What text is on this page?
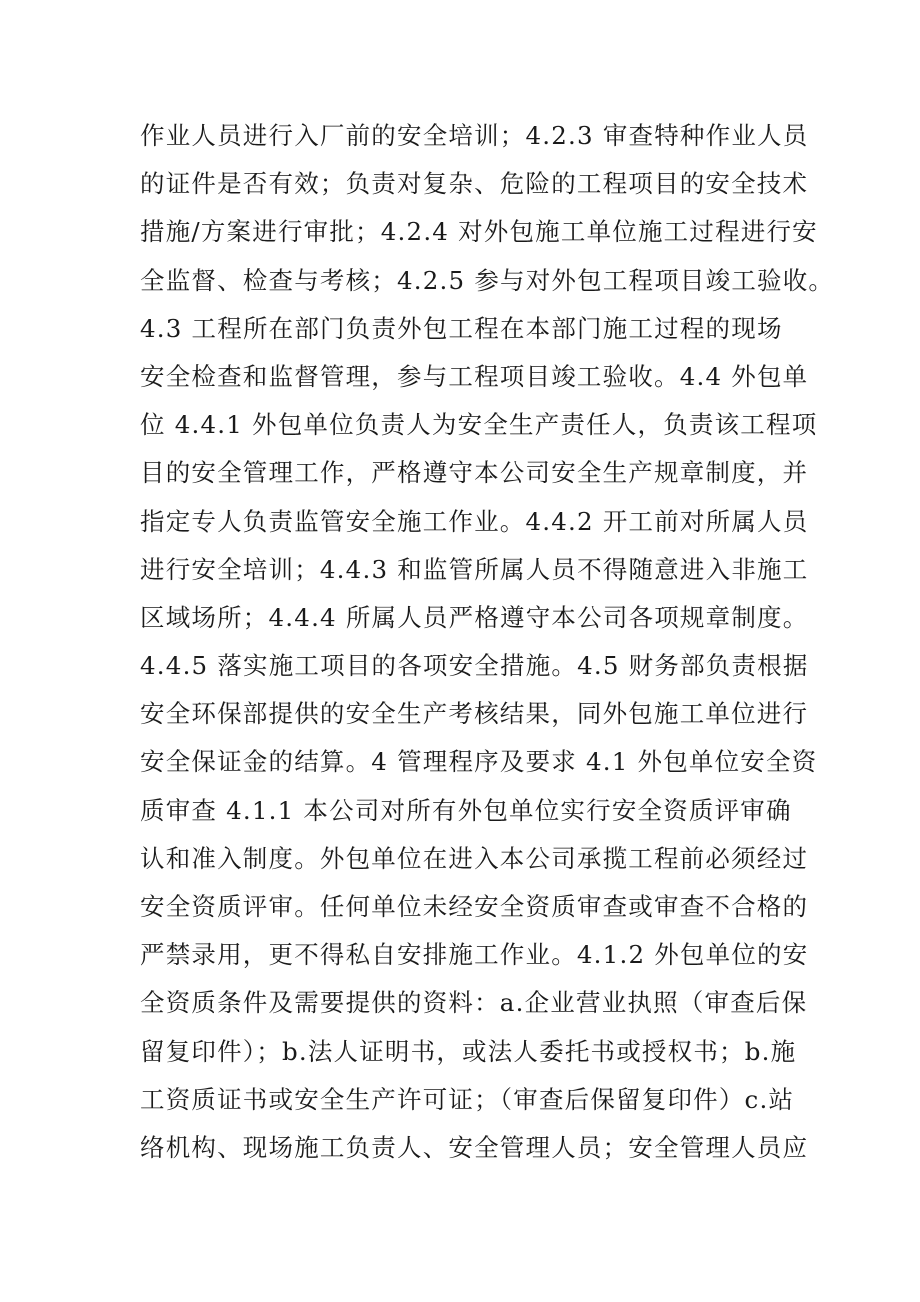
作业人员进行入厂前的安全培训；4.2.3 审查特种作业人员
的证件是否有效；负责对复杂、危险的工程项目的安全技术
措施/方案进行审批；4.2.4 对外包施工单位施工过程进行安
全监督、检查与考核；4.2.5 参与对外包工程项目竣工验收。
4.3 工程所在部门负责外包工程在本部门施工过程的现场
安全检查和监督管理，参与工程项目竣工验收。4.4 外包单
位 4.4.1 外包单位负责人为安全生产责任人，负责该工程项
目的安全管理工作，严格遵守本公司安全生产规章制度，并
指定专人负责监管安全施工作业。4.4.2 开工前对所属人员
进行安全培训；4.4.3 和监管所属人员不得随意进入非施工
区域场所；4.4.4 所属人员严格遵守本公司各项规章制度。
4.4.5 落实施工项目的各项安全措施。4.5 财务部负责根据
安全环保部提供的安全生产考核结果，同外包施工单位进行
安全保证金的结算。4 管理程序及要求 4.1 外包单位安全资
质审查 4.1.1 本公司对所有外包单位实行安全资质评审确
认和准入制度。外包单位在进入本公司承揽工程前必须经过
安全资质评审。任何单位未经安全资质审查或审查不合格的
严禁录用，更不得私自安排施工作业。4.1.2 外包单位的安
全资质条件及需要提供的资料：a.企业营业执照（审查后保
留复印件）；b.法人证明书，或法人委托书或授权书；b.施
工资质证书或安全生产许可证；（审查后保留复印件）c.站
络机构、现场施工负责人、安全管理人员；安全管理人员应
